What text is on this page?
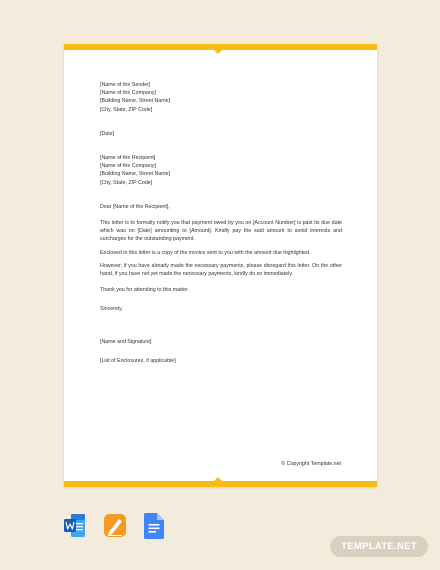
[Name of the Sender]
[Name of the Company]
[Building Name, Street Name]
[City, State, ZIP Code]

[Date]

[Name of the Recipient]
[Name of the Company]
[Building Name, Street Name]
[City, State, ZIP Code]

Dear [Name of the Recipient],

This letter is to formally notify you that payment owed by you on [Account Number] is past its due date which was on [Date] amounting to [Amount]. Kindly pay the said amount to avoid interests and surcharges for the outstanding payment.

Enclosed in this letter is a copy of the invoice sent to you with the amount due highlighted.

However, if you have already made the necessary payments, please disregard this letter. On the other hand, if you have not yet made the necessary payments, kindly do so immediately.

Thank you for attending to this matter.

Sincerely,

[Name and Signature]

[List of Enclosures, if applicable]

© Copyright Template.net
TEMPLATE.NET
